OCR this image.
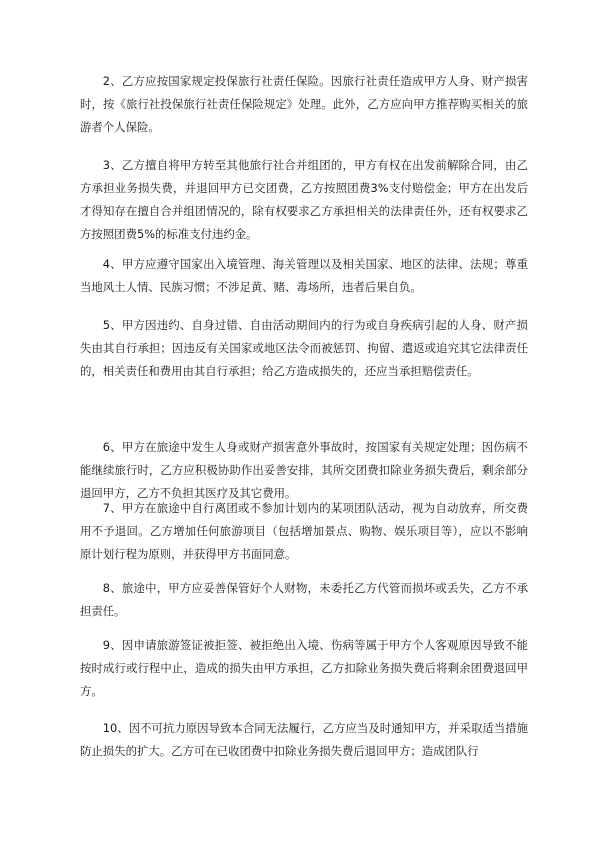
2、乙方应按国家规定投保旅行社责任保险。因旅行社责任造成甲方人身、财产损害时，按《旅行社投保旅行社责任保险规定》处理。此外，乙方应向甲方推荐购买相关的旅游者个人保险。

3、乙方擅自将甲方转至其他旅行社合并组团的，甲方有权在出发前解除合同，由乙方承担业务损失费，并退回甲方已交团费，乙方按照团费3%支付赔偿金；甲方在出发后才得知存在擅自合并组团情况的，除有权要求乙方承担相关的法律责任外，还有权要求乙方按照团费5%的标准支付违约金。

4、甲方应遵守国家出入境管理、海关管理以及相关国家、地区的法律、法规；尊重当地风土人情、民族习惯；不涉足黄、赌、毒场所，违者后果自负。

5、甲方因违约、自身过错、自由活动期间内的行为或自身疾病引起的人身、财产损失由其自行承担；因违反有关国家或地区法令而被惩罚、拘留、遣返或追究其它法律责任的，相关责任和费用由其自行承担；给乙方造成损失的，还应当承担赔偿责任。

6、甲方在旅途中发生人身或财产损害意外事故时，按国家有关规定处理；因伤病不能继续旅行时，乙方应积极协助作出妥善安排，其所交团费扣除业务损失费后，剩余部分退回甲方，乙方不负担其医疗及其它费用。

7、甲方在旅途中自行离团或不参加计划内的某项团队活动，视为自动放弃，所交费用不予退回。乙方增加任何旅游项目（包括增加景点、购物、娱乐项目等），应以不影响原计划行程为原则，并获得甲方书面同意。

8、旅途中，甲方应妥善保管好个人财物，未委托乙方代管而损坏或丢失，乙方不承担责任。

9、因申请旅游签证被拒签、被拒绝出入境、伤病等属于甲方个人客观原因导致不能按时成行或行程中止，造成的损失由甲方承担，乙方扣除业务损失费后将剩余团费退回甲方。

10、因不可抗力原因导致本合同无法履行，乙方应当及时通知甲方，并采取适当措施防止损失的扩大。乙方可在已收团费中扣除业务损失费后退回甲方；造成团队行
